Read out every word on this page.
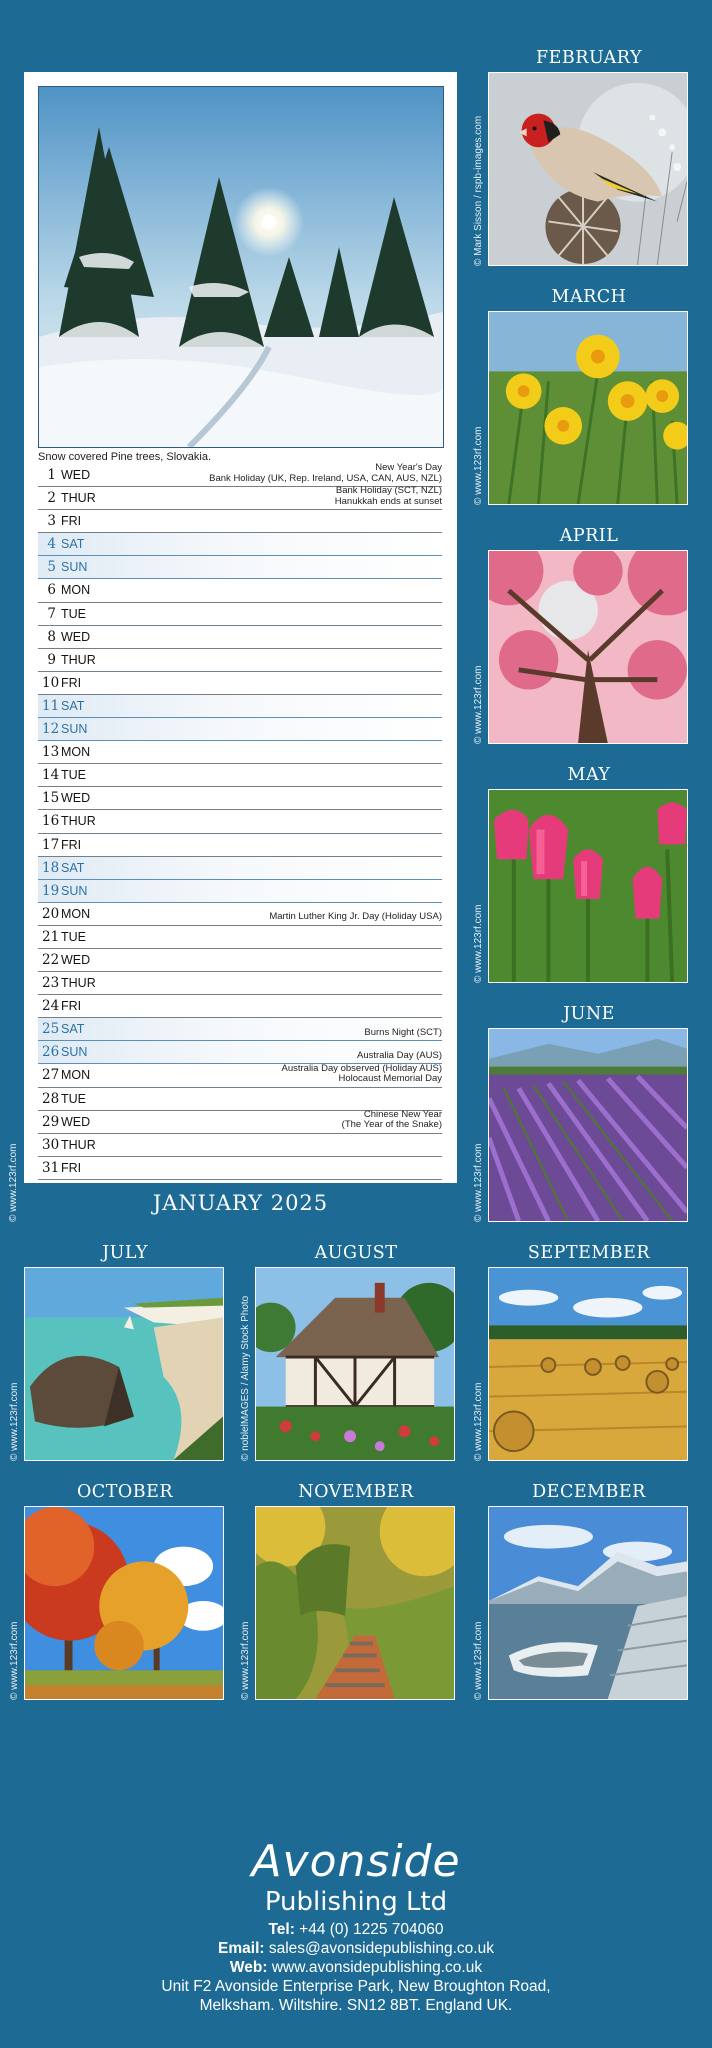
Snow covered Pine trees, Slovakia.
1 WED
New Year's Day
Bank Holiday (UK, Rep. Ireland, USA, CAN, AUS, NZL)
2 THUR
Bank Holiday (SCT, NZL)
Hanukkah ends at sunset
3 FRI
4 SAT
5 SUN
6 MON
7 TUE
8 WED
9 THUR
10 FRI
11 SAT
12 SUN
13 MON
14 TUE
15 WED
16 THUR
17 FRI
18 SAT
19 SUN
20 MON	Martin Luther King Jr. Day (Holiday USA)
21 TUE
22 WED
23 THUR
24 FRI
25 SAT	Burns Night (SCT)
26 SUN	Australia Day (AUS)
27 MON
Australia Day observed (Holiday AUS)
Holocaust Memorial Day
28 TUE
29 WED
Chinese New Year
(The Year of the Snake)
30 THUR
31 FRI
JANUARY 2025
© www.123rf.com
FEBRUARY
© Mark Sisson / rspb-images.com
MARCH
© www.123rf.com
APRIL
© www.123rf.com
MAY
© www.123rf.com
JUNE
© www.123rf.com
JULY
© www.123rf.com
AUGUST
© noblelMAGES / Alamy Stock Photo
SEPTEMBER
© www.123rf.com
OCTOBER
© www.123rf.com
NOVEMBER
© www.123rf.com
DECEMBER
© www.123rf.com
Avonside
Publishing Ltd
Tel: +44 (0) 1225 704060
Email: sales@avonsidepublishing.co.uk
Web: www.avonsidepublishing.co.uk
Unit F2 Avonside Enterprise Park, New Broughton Road,
Melksham. Wiltshire. SN12 8BT. England UK.
